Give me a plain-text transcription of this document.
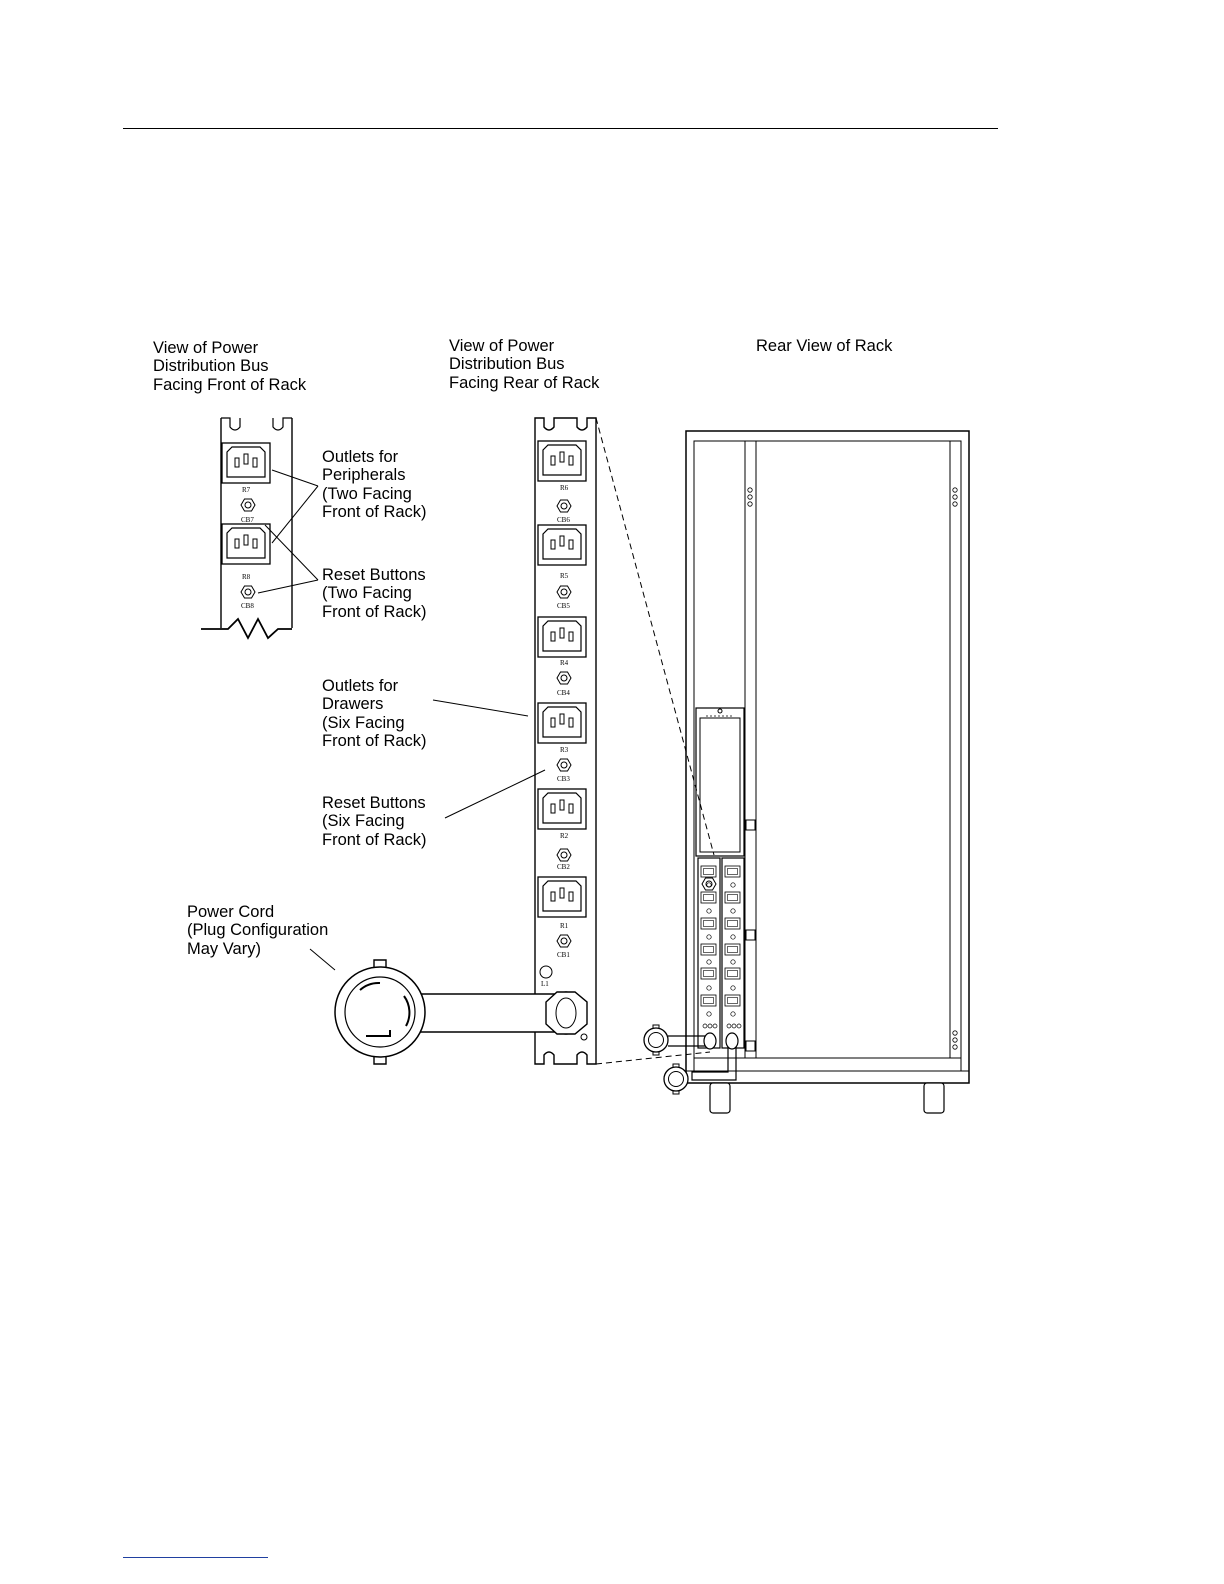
View of Power
Distribution Bus
Facing Front of Rack
View of Power
Distribution Bus
Facing Rear of Rack
Rear View of Rack
Outlets for
Peripherals
(Two Facing
Front of Rack)
Reset Buttons
(Two Facing
Front of Rack)
Outlets for
Drawers
(Six Facing
Front of Rack)
Reset Buttons
(Six Facing
Front of Rack)
Power Cord
(Plug Configuration
May Vary)
R7
CB7
R8
CB8
R6
CB6
R5
CB5
R4
CB4
R3
CB3
R2
CB2
R1
CB1
L1
